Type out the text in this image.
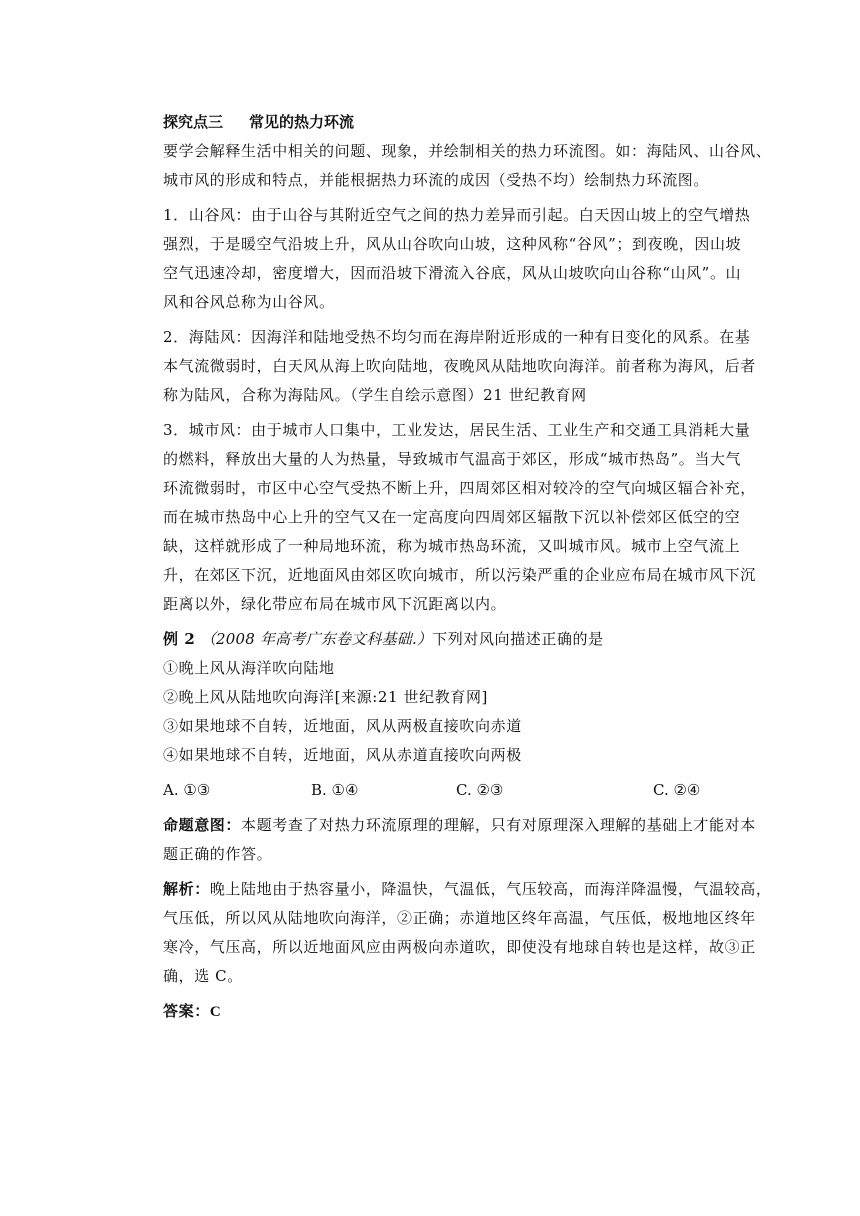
探究点三 常见的热力环流
要学会解释生活中相关的问题、现象，并绘制相关的热力环流图。如：海陆风、山谷风、
城市风的形成和特点，并能根据热力环流的成因（受热不均）绘制热力环流图。
1．山谷风：由于山谷与其附近空气之间的热力差异而引起。白天因山坡上的空气增热
强烈，于是暖空气沿坡上升，风从山谷吹向山坡，这种风称“谷风”；到夜晚，因山坡
空气迅速冷却，密度增大，因而沿坡下滑流入谷底，风从山坡吹向山谷称“山风”。山
风和谷风总称为山谷风。
2．海陆风：因海洋和陆地受热不均匀而在海岸附近形成的一种有日变化的风系。在基
本气流微弱时，白天风从海上吹向陆地，夜晚风从陆地吹向海洋。前者称为海风，后者
称为陆风，合称为海陆风。（学生自绘示意图）21 世纪教育网
3．城市风：由于城市人口集中，工业发达，居民生活、工业生产和交通工具消耗大量
的燃料，释放出大量的人为热量，导致城市气温高于郊区，形成“城市热岛”。当大气
环流微弱时，市区中心空气受热不断上升，四周郊区相对较冷的空气向城区辐合补充，
而在城市热岛中心上升的空气又在一定高度向四周郊区辐散下沉以补偿郊区低空的空
缺，这样就形成了一种局地环流，称为城市热岛环流，又叫城市风。城市上空气流上
升，在郊区下沉，近地面风由郊区吹向城市，所以污染严重的企业应布局在城市风下沉
距离以外，绿化带应布局在城市风下沉距离以内。
例 2 （2008 年高考广东卷文科基础.）下列对风向描述正确的是
①晚上风从海洋吹向陆地
②晚上风从陆地吹向海洋[来源:21 世纪教育网]
③如果地球不自转，近地面，风从两极直接吹向赤道
④如果地球不自转，近地面，风从赤道直接吹向两极
A. ①③	B. ①④	C. ②③	C. ②④
命题意图：本题考查了对热力环流原理的理解，只有对原理深入理解的基础上才能对本
题正确的作答。
解析：晚上陆地由于热容量小，降温快，气温低，气压较高，而海洋降温慢，气温较高，
气压低，所以风从陆地吹向海洋，②正确；赤道地区终年高温，气压低，极地地区终年
寒冷，气压高，所以近地面风应由两极向赤道吹，即使没有地球自转也是这样，故③正
确，选 C。
答案：C
